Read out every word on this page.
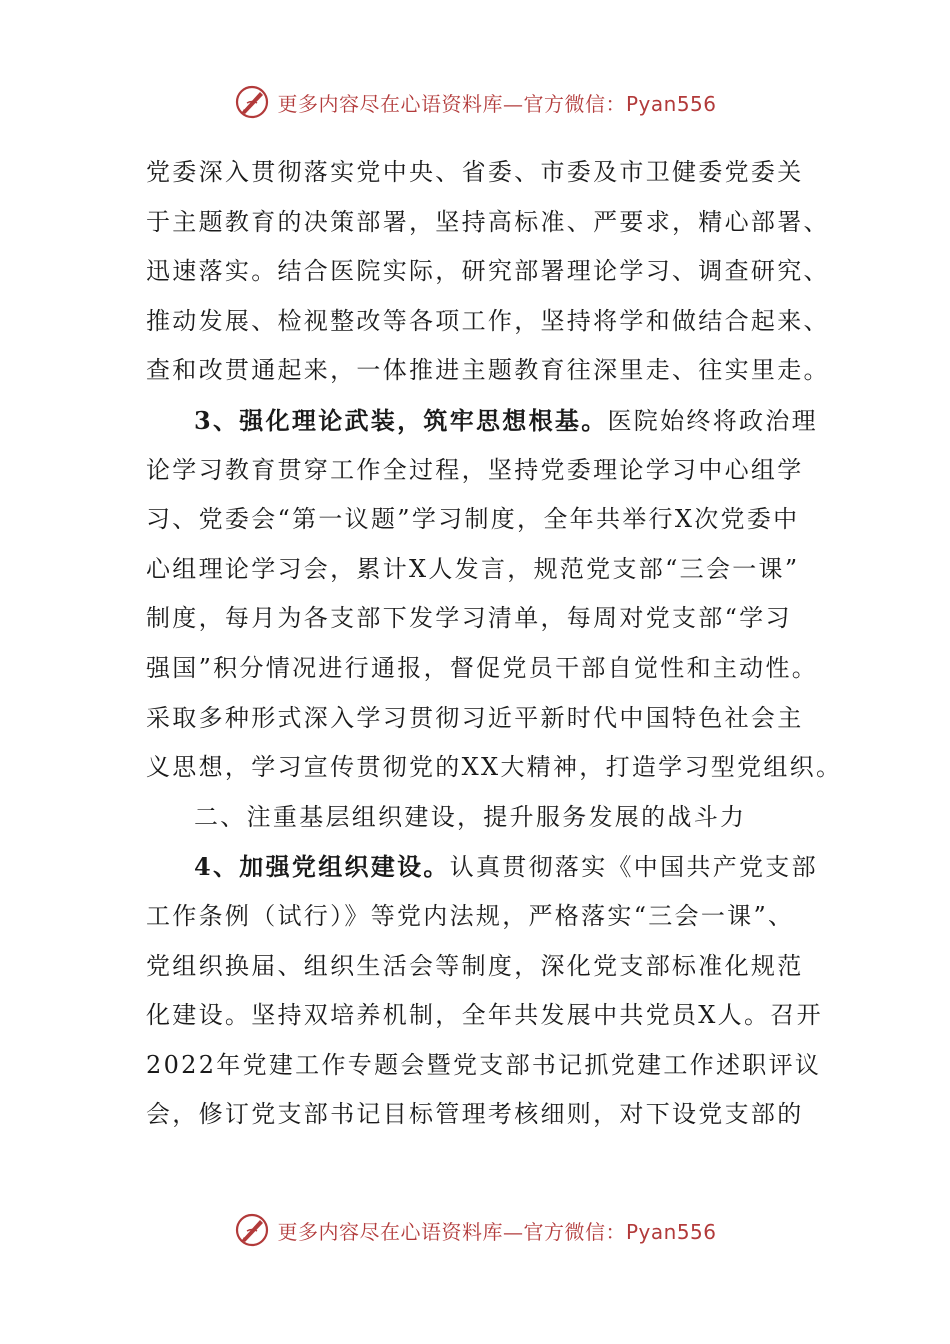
更多内容尽在心语资料库—官方微信：Pyan556
党委深入贯彻落实党中央、省委、市委及市卫健委党委关
于主题教育的决策部署，坚持高标准、严要求，精心部署、
迅速落实。结合医院实际，研究部署理论学习、调查研究、
推动发展、检视整改等各项工作，坚持将学和做结合起来、
查和改贯通起来，一体推进主题教育往深里走、往实里走。
3、强化理论武装，筑牢思想根基。医院始终将政治理
论学习教育贯穿工作全过程，坚持党委理论学习中心组学
习、党委会“第一议题”学习制度，全年共举行X次党委中
心组理论学习会，累计X人发言，规范党支部“三会一课”
制度，每月为各支部下发学习清单，每周对党支部“学习
强国”积分情况进行通报，督促党员干部自觉性和主动性。
采取多种形式深入学习贯彻习近平新时代中国特色社会主
义思想，学习宣传贯彻党的XX大精神，打造学习型党组织。
二、注重基层组织建设，提升服务发展的战斗力
4、加强党组织建设。认真贯彻落实《中国共产党支部
工作条例（试行）》等党内法规，严格落实“三会一课”、
党组织换届、组织生活会等制度，深化党支部标准化规范
化建设。坚持双培养机制，全年共发展中共党员X人。召开
2022年党建工作专题会暨党支部书记抓党建工作述职评议
会，修订党支部书记目标管理考核细则，对下设党支部的
更多内容尽在心语资料库—官方微信：Pyan556
